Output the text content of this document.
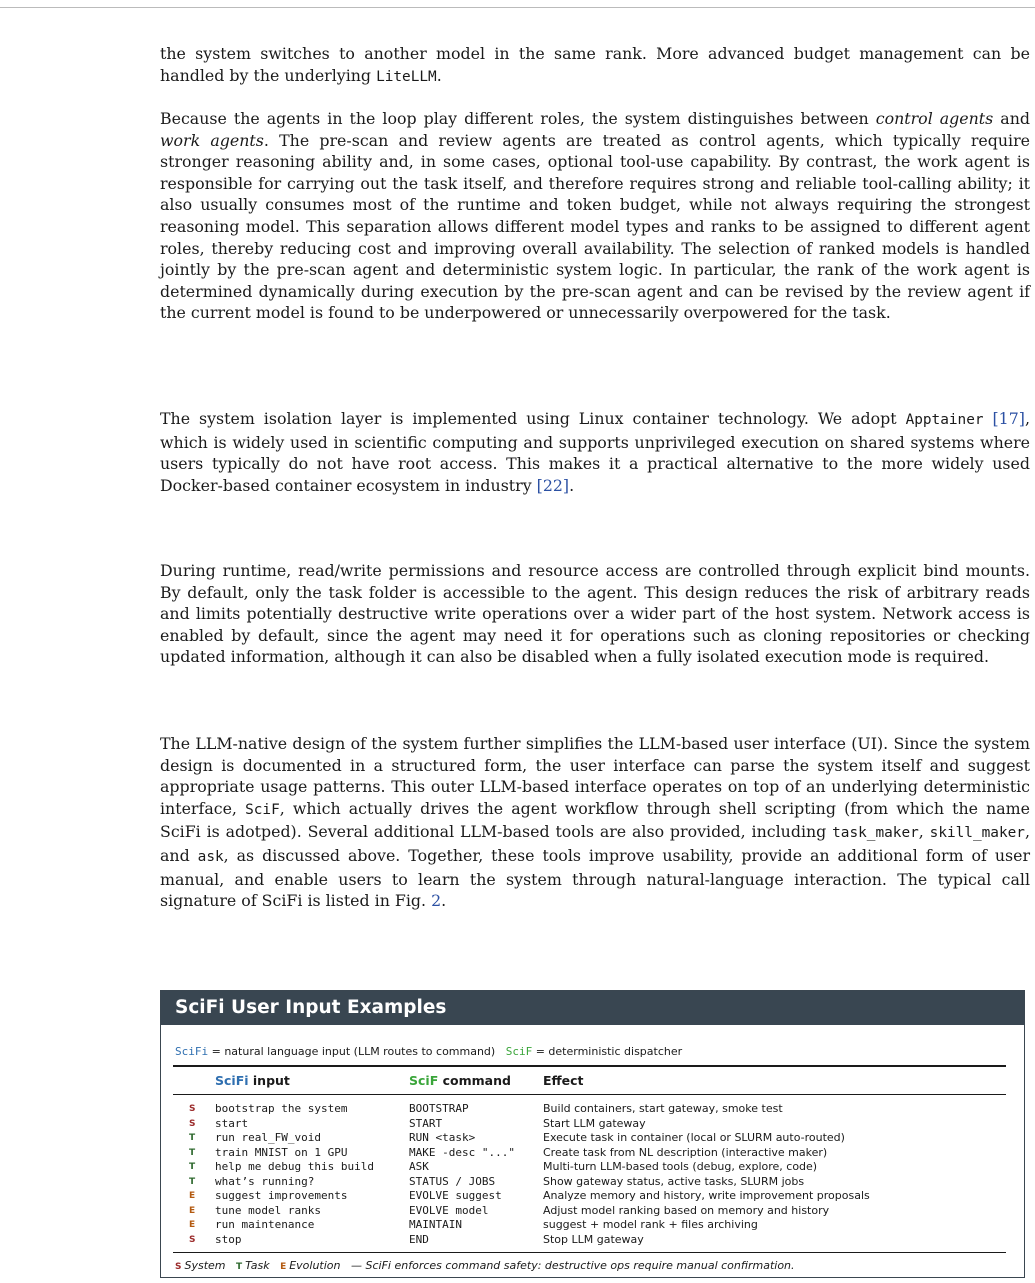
the system switches to another model in the same rank. More advanced budget management can be handled by the underlying LiteLLM.

Because the agents in the loop play different roles, the system distinguishes between control agents and work agents. The pre-scan and review agents are treated as control agents, which typically require stronger reasoning ability and, in some cases, optional tool-use capability. By contrast, the work agent is responsible for carrying out the task itself, and therefore requires strong and reliable tool-calling ability; it also usually consumes most of the runtime and token budget, while not always requiring the strongest reasoning model. This separation allows different model types and ranks to be assigned to different agent roles, thereby reducing cost and improving overall availability. The selection of ranked models is handled jointly by the pre-scan agent and deterministic system logic. In particular, the rank of the work agent is determined dynamically during execution by the pre-scan agent and can be revised by the review agent if the current model is found to be underpowered or unnecessarily overpowered for the task.

The system isolation layer is implemented using Linux container technology. We adopt Apptainer [17], which is widely used in scientific computing and supports unprivileged execution on shared systems where users typically do not have root access. This makes it a practical alternative to the more widely used Docker-based container ecosystem in industry [22].

During runtime, read/write permissions and resource access are controlled through explicit bind mounts. By default, only the task folder is accessible to the agent. This design reduces the risk of arbitrary reads and limits potentially destructive write operations over a wider part of the host system. Network access is enabled by default, since the agent may need it for operations such as cloning repositories or checking updated information, although it can also be disabled when a fully isolated execution mode is required.

The LLM-native design of the system further simplifies the LLM-based user interface (UI). Since the system design is documented in a structured form, the user interface can parse the system itself and suggest appropriate usage patterns. This outer LLM-based interface operates on top of an underlying deterministic interface, SciF, which actually drives the agent workflow through shell scripting (from which the name SciFi is adotped). Several additional LLM-based tools are also provided, including task_maker, skill_maker, and ask, as discussed above. Together, these tools improve usability, provide an additional form of user manual, and enable users to learn the system through natural-language interaction. The typical call signature of SciFi is listed in Fig. 2.

SciFi User Input Examples
SciFi = natural language input (LLM routes to command) SciF = deterministic dispatcher
SciFi input	SciF command	Effect
S bootstrap the system	BOOTSTRAP	Build containers, start gateway, smoke test
S start	START	Start LLM gateway
T run real_FW_void	RUN <task>	Execute task in container (local or SLURM auto-routed)
T train MNIST on 1 GPU	MAKE -desc "..."	Create task from NL description (interactive maker)
T help me debug this build	ASK	Multi-turn LLM-based tools (debug, explore, code)
T what’s running?	STATUS / JOBS	Show gateway status, active tasks, SLURM jobs
E suggest improvements	EVOLVE suggest	Analyze memory and history, write improvement proposals
E tune model ranks	EVOLVE model	Adjust model ranking based on memory and history
E run maintenance	MAINTAIN	suggest + model rank + files archiving
S stop	END	Stop LLM gateway
S System T Task E Evolution — SciFi enforces command safety: destructive ops require manual confirmation.
